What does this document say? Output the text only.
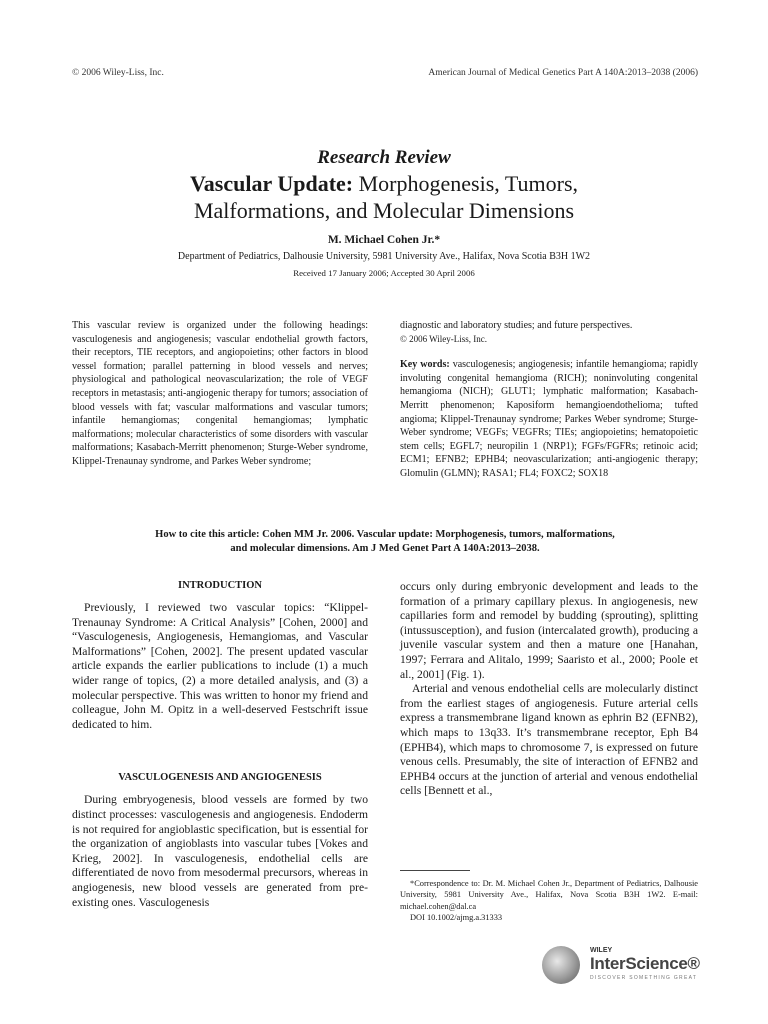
© 2006 Wiley-Liss, Inc.	American Journal of Medical Genetics Part A 140A:2013–2038 (2006)

Research Review

Vascular Update: Morphogenesis, Tumors,
Malformations, and Molecular Dimensions
M. Michael Cohen Jr.*
Department of Pediatrics, Dalhousie University, 5981 University Ave., Halifax, Nova Scotia B3H 1W2
Received 17 January 2006; Accepted 30 April 2006

This vascular review is organized under the following headings: vasculogenesis and angiogenesis; vascular endothelial growth factors, their receptors, TIE receptors, and angiopoietins; other factors in blood vessel formation; parallel patterning in blood vessels and nerves; physiological and pathological neovascularization; the role of VEGF receptors in metastasis; anti-angiogenic therapy for tumors; association of blood vessels with fat; vascular malformations and vascular tumors; infantile hemangiomas; congenital hemangiomas; lymphatic malformations; molecular characteristics of some disorders with vascular malformations; Kasabach-Merritt phenomenon; Sturge-Weber syndrome, Klippel-Trenaunay syndrome, and Parkes Weber syndrome;

diagnostic and laboratory studies; and future perspectives.

© 2006 Wiley-Liss, Inc.

Key words: vasculogenesis; angiogenesis; infantile hemangioma; rapidly involuting congenital hemangioma (RICH); noninvoluting congenital hemangioma (NICH); GLUT1; lymphatic malformation; Kasabach-Merritt phenomenon; Kaposiform hemangioendothelioma; tufted angioma; Klippel-Trenaunay syndrome; Parkes Weber syndrome; Sturge-Weber syndrome; VEGFs; VEGFRs; TIEs; angiopoietins; hematopoietic stem cells; EGFL7; neuropilin 1 (NRP1); FGFs/FGFRs; retinoic acid; ECM1; EFNB2; EPHB4; neovascularization; anti-angiogenic therapy; Glomulin (GLMN); RASA1; FL4; FOXC2; SOX18

How to cite this article: Cohen MM Jr. 2006. Vascular update: Morphogenesis, tumors, malformations,
and molecular dimensions. Am J Med Genet Part A 140A:2013–2038.
INTRODUCTION

Previously, I reviewed two vascular topics: “Klippel-Trenaunay Syndrome: A Critical Analysis” [Cohen, 2000] and “Vasculogenesis, Angiogenesis, Hemangiomas, and Vascular Malformations” [Cohen, 2002]. The present updated vascular article expands the earlier publications to include (1) a much wider range of topics, (2) a more detailed analysis, and (3) a molecular perspective. This was written to honor my friend and colleague, John M. Opitz in a well-deserved Festschrift issue dedicated to him.

VASCULOGENESIS AND ANGIOGENESIS

During embryogenesis, blood vessels are formed by two distinct processes: vasculogenesis and angiogenesis. Endoderm is not required for angioblastic specification, but is essential for the organization of angioblasts into vascular tubes [Vokes and Krieg, 2002]. In vasculogenesis, endothelial cells are differentiated de novo from mesodermal precursors, whereas in angiogenesis, new blood vessels are generated from pre-existing ones. Vasculogenesis

occurs only during embryonic development and leads to the formation of a primary capillary plexus. In angiogenesis, new capillaries form and remodel by budding (sprouting), splitting (intussusception), and fusion (intercalated growth), producing a juvenile vascular system and then a mature one [Hanahan, 1997; Ferrara and Alitalo, 1999; Saaristo et al., 2000; Poole et al., 2001] (Fig. 1).

Arterial and venous endothelial cells are molecularly distinct from the earliest stages of angiogenesis. Future arterial cells express a transmembrane ligand known as ephrin B2 (EFNB2), which maps to 13q33. It’s transmembrane receptor, Eph B4 (EPHB4), which maps to chromosome 7, is expressed on future venous cells. Presumably, the site of interaction of EFNB2 and EPHB4 occurs at the junction of arterial and venous endothelial cells [Bennett et al.,

*Correspondence to: Dr. M. Michael Cohen Jr., Department of Pediatrics, Dalhousie University, 5981 University Ave., Halifax, Nova Scotia B3H 1W2. E-mail: michael.cohen@dal.ca

DOI 10.1002/ajmg.a.31333

WILEY
InterScience®
DISCOVER SOMETHING GREAT
